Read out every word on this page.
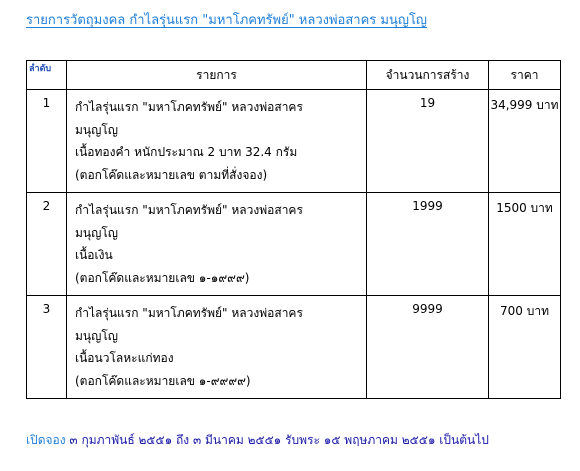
รายการวัตถุมงคล กำไลรุ่นแรก "มหาโภคทรัพย์" หลวงพ่อสาคร มนุญโญ
ลำดับ	รายการ	จำนวนการสร้าง	ราคา
1	กำไลรุ่นแรก "มหาโภคทรัพย์" หลวงพ่อสาคร
มนุญโญ
เนื้อทองคำ หนักประมาณ 2 บาท 32.4 กรัม
(ตอกโค๊ดและหมายเลข ตามที่สั่งจอง)	19	34,999 บาท
2	กำไลรุ่นแรก "มหาโภคทรัพย์" หลวงพ่อสาคร
มนุญโญ
เนื้อเงิน
(ตอกโค๊ดและหมายเลข ๑-๑๙๙๙)	1999	1500 บาท
3	กำไลรุ่นแรก "มหาโภคทรัพย์" หลวงพ่อสาคร
มนุญโญ
เนื้อนวโลหะแก่ทอง
(ตอกโค๊ดและหมายเลข ๑-๙๙๙๙)	9999	700 บาท
เปิดจอง ๓ กุมภาพันธ์ ๒๕๕๑ ถึง ๓ มีนาคม ๒๕๕๑ รับพระ ๑๕ พฤษภาคม ๒๕๕๑ เป็นต้นไป
